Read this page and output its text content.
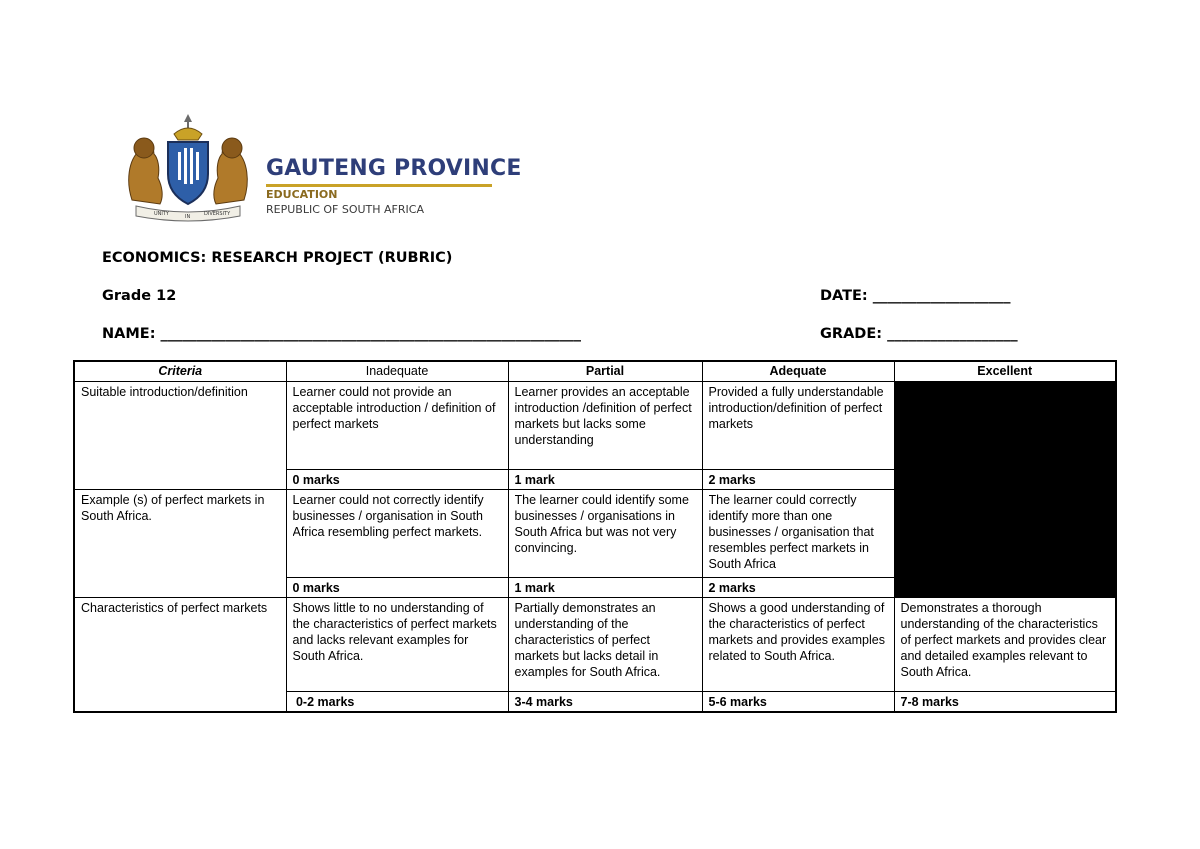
UNITY	IN	DIVERSITY
GAUTENG PROVINCE
EDUCATION
REPUBLIC OF SOUTH AFRICA
ECONOMICS: RESEARCH PROJECT (RUBRIC)
Grade 12	DATE: ___________________
NAME: __________________________________________________________	GRADE: __________________
Criteria	Inadequate	Partial	Adequate	Excellent
Suitable introduction/definition	Learner could not provide an acceptable introduction / definition of perfect markets	Learner provides an acceptable introduction /definition of perfect markets but lacks some understanding	Provided a fully understandable introduction/definition of perfect markets	

	0 marks	1 mark	2 marks	
Example (s) of perfect markets in South Africa.	Learner could not correctly identify businesses / organisation in South Africa resembling perfect markets.	The learner could identify some businesses / organisations in South Africa but was not very convincing.	The learner could correctly identify more than one businesses / organisation that resembles perfect markets in South Africa	

	0 marks	1 mark	2 marks	
Characteristics of perfect markets	Shows little to no understanding of the characteristics of perfect markets and lacks relevant examples for South Africa.	Partially demonstrates an understanding of the characteristics of perfect markets but lacks detail in examples for South Africa.	Shows a good understanding of the characteristics of perfect markets and provides examples related to South Africa.	Demonstrates a thorough understanding of the characteristics of perfect markets and provides clear and detailed examples relevant to South Africa.

	0-2 marks	3-4 marks	5-6 marks	7-8 marks
